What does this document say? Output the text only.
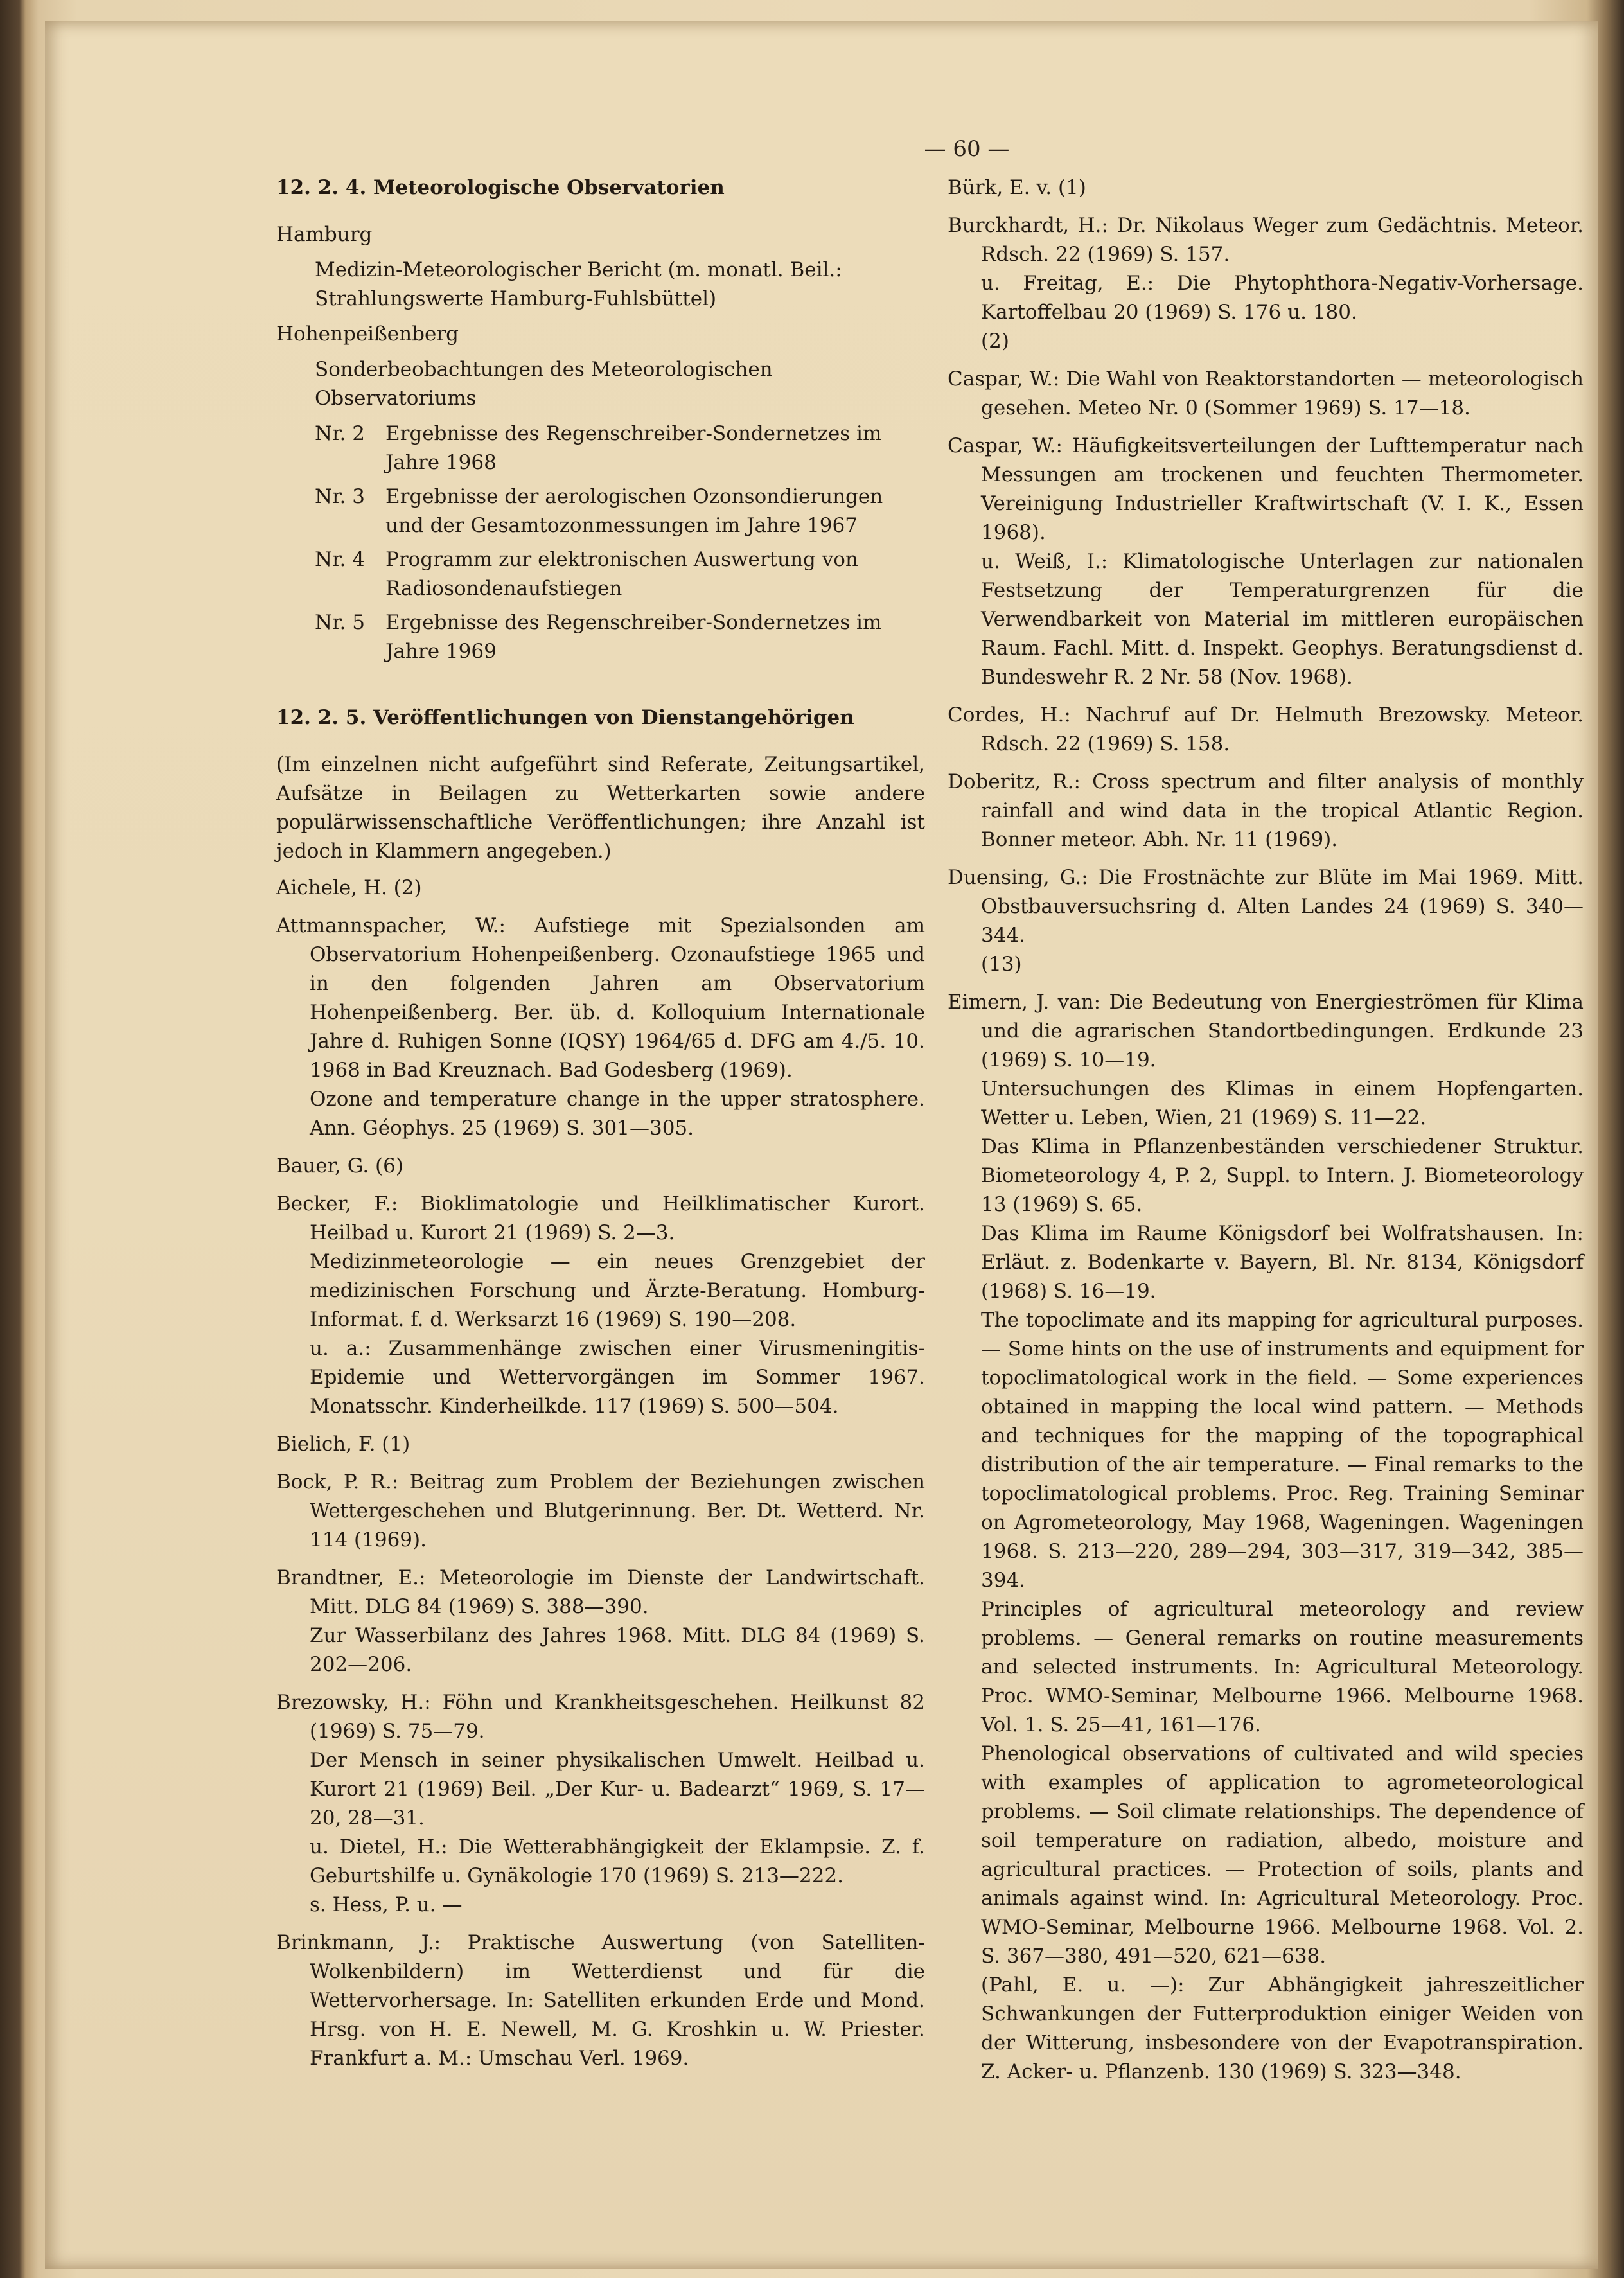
— 60 —
12. 2. 4. Meteorologische Observatorien
Hamburg
Medizin-Meteorologischer Bericht (m. monatl. Beil.: Strahlungswerte Hamburg-Fuhlsbüttel)
Hohenpeißenberg
Sonderbeobachtungen des Meteorologischen Observatoriums
Nr. 2	Ergebnisse des Regenschreiber-Sondernetzes im Jahre 1968
Nr. 3	Ergebnisse der aerologischen Ozonsondierungen und der Gesamtozonmessungen im Jahre 1967
Nr. 4	Programm zur elektronischen Auswertung von Radiosondenaufstiegen
Nr. 5	Ergebnisse des Regenschreiber-Sondernetzes im Jahre 1969
12. 2. 5. Veröffentlichungen von Dienstangehörigen
(Im einzelnen nicht aufgeführt sind Referate, Zeitungsartikel, Aufsätze in Beilagen zu Wetterkarten sowie andere populärwissenschaftliche Veröffentlichungen; ihre Anzahl ist jedoch in Klammern angegeben.)
Aichele, H. (2)
Attmannspacher, W.: Aufstiege mit Spezialsonden am Observatorium Hohenpeißenberg. Ozonaufstiege 1965 und in den folgenden Jahren am Observatorium Hohenpeißenberg. Ber. üb. d. Kolloquium Internationale Jahre d. Ruhigen Sonne (IQSY) 1964/65 d. DFG am 4./5. 10. 1968 in Bad Kreuznach. Bad Godesberg (1969).
Ozone and temperature change in the upper stratosphere. Ann. Géophys. 25 (1969) S. 301—305.
Bauer, G. (6)
Becker, F.: Bioklimatologie und Heilklimatischer Kurort. Heilbad u. Kurort 21 (1969) S. 2—3.
Medizinmeteorologie — ein neues Grenzgebiet der medizinischen Forschung und Ärzte-Beratung. Homburg-Informat. f. d. Werksarzt 16 (1969) S. 190—208.
u. a.: Zusammenhänge zwischen einer Virusmeningitis-Epidemie und Wettervorgängen im Sommer 1967. Monatsschr. Kinderheilkde. 117 (1969) S. 500—504.
Bielich, F. (1)
Bock, P. R.: Beitrag zum Problem der Beziehungen zwischen Wettergeschehen und Blutgerinnung. Ber. Dt. Wetterd. Nr. 114 (1969).
Brandtner, E.: Meteorologie im Dienste der Landwirtschaft. Mitt. DLG 84 (1969) S. 388—390.
Zur Wasserbilanz des Jahres 1968. Mitt. DLG 84 (1969) S. 202—206.
Brezowsky, H.: Föhn und Krankheitsgeschehen. Heilkunst 82 (1969) S. 75—79.
Der Mensch in seiner physikalischen Umwelt. Heilbad u. Kurort 21 (1969) Beil. „Der Kur- u. Badearzt“ 1969, S. 17—20, 28—31.
u. Dietel, H.: Die Wetterabhängigkeit der Eklampsie. Z. f. Geburtshilfe u. Gynäkologie 170 (1969) S. 213—222.
s. Hess, P. u. —
Brinkmann, J.: Praktische Auswertung (von Satelliten-Wolkenbildern) im Wetterdienst und für die Wettervorhersage. In: Satelliten erkunden Erde und Mond. Hrsg. von H. E. Newell, M. G. Kroshkin u. W. Priester. Frankfurt a. M.: Umschau Verl. 1969.
Bürk, E. v. (1)
Burckhardt, H.: Dr. Nikolaus Weger zum Gedächtnis. Meteor. Rdsch. 22 (1969) S. 157.
u. Freitag, E.: Die Phytophthora-Negativ-Vorhersage. Kartoffelbau 20 (1969) S. 176 u. 180.
(2)
Caspar, W.: Die Wahl von Reaktorstandorten — meteorologisch gesehen. Meteo Nr. 0 (Sommer 1969) S. 17—18.
Caspar, W.: Häufigkeitsverteilungen der Lufttemperatur nach Messungen am trockenen und feuchten Thermometer. Vereinigung Industrieller Kraftwirtschaft (V. I. K., Essen 1968).
u. Weiß, I.: Klimatologische Unterlagen zur nationalen Festsetzung der Temperaturgrenzen für die Verwendbarkeit von Material im mittleren europäischen Raum. Fachl. Mitt. d. Inspekt. Geophys. Beratungsdienst d. Bundeswehr R. 2 Nr. 58 (Nov. 1968).
Cordes, H.: Nachruf auf Dr. Helmuth Brezowsky. Meteor. Rdsch. 22 (1969) S. 158.
Doberitz, R.: Cross spectrum and filter analysis of monthly rainfall and wind data in the tropical Atlantic Region. Bonner meteor. Abh. Nr. 11 (1969).
Duensing, G.: Die Frostnächte zur Blüte im Mai 1969. Mitt. Obstbauversuchsring d. Alten Landes 24 (1969) S. 340—344.
(13)
Eimern, J. van: Die Bedeutung von Energieströmen für Klima und die agrarischen Standortbedingungen. Erdkunde 23 (1969) S. 10—19.
Untersuchungen des Klimas in einem Hopfengarten. Wetter u. Leben, Wien, 21 (1969) S. 11—22.
Das Klima in Pflanzenbeständen verschiedener Struktur. Biometeorology 4, P. 2, Suppl. to Intern. J. Biometeorology 13 (1969) S. 65.
Das Klima im Raume Königsdorf bei Wolfratshausen. In: Erläut. z. Bodenkarte v. Bayern, Bl. Nr. 8134, Königsdorf (1968) S. 16—19.
The topoclimate and its mapping for agricultural purposes. — Some hints on the use of instruments and equipment for topoclimatological work in the field. — Some experiences obtained in mapping the local wind pattern. — Methods and techniques for the mapping of the topographical distribution of the air temperature. — Final remarks to the topoclimatological problems. Proc. Reg. Training Seminar on Agrometeorology, May 1968, Wageningen. Wageningen 1968. S. 213—220, 289—294, 303—317, 319—342, 385—394.
Principles of agricultural meteorology and review problems. — General remarks on routine measurements and selected instruments. In: Agricultural Meteorology. Proc. WMO-Seminar, Melbourne 1966. Melbourne 1968. Vol. 1. S. 25—41, 161—176.
Phenological observations of cultivated and wild species with examples of application to agrometeorological problems. — Soil climate relationships. The dependence of soil temperature on radiation, albedo, moisture and agricultural practices. — Protection of soils, plants and animals against wind. In: Agricultural Meteorology. Proc. WMO-Seminar, Melbourne 1966. Melbourne 1968. Vol. 2. S. 367—380, 491—520, 621—638.
(Pahl, E. u. —): Zur Abhängigkeit jahreszeitlicher Schwankungen der Futterproduktion einiger Weiden von der Witterung, insbesondere von der Evapotranspiration. Z. Acker- u. Pflanzenb. 130 (1969) S. 323—348.
